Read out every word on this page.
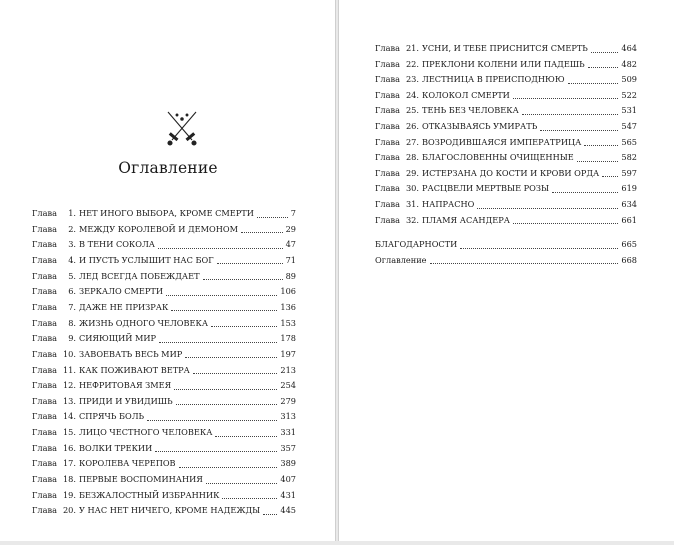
Оглавление
Глава	1. НЕТ ИНОГО ВЫБОРА, КРОМЕ СМЕРТИ	7
Глава	2. МЕЖДУ КОРОЛЕВОЙ И ДЕМОНОМ	29
Глава	3. В ТЕНИ СОКОЛА	47
Глава	4. И ПУСТЬ УСЛЫШИТ НАС БОГ	71
Глава	5. ЛЕД ВСЕГДА ПОБЕЖДАЕТ	89
Глава	6. ЗЕРКАЛО СМЕРТИ	106
Глава	7. ДАЖЕ НЕ ПРИЗРАК	136
Глава	8. ЖИЗНЬ ОДНОГО ЧЕЛОВЕКА	153
Глава	9. СИЯЮЩИЙ МИР	178
Глава 10. ЗАВОЕВАТЬ ВЕСЬ МИР	197
Глава 11. КАК ПОЖИВАЮТ ВЕТРА	213
Глава 12. НЕФРИТОВАЯ ЗМЕЯ	254
Глава 13. ПРИДИ И УВИДИШЬ	279
Глава 14. СПРЯЧЬ БОЛЬ	313
Глава 15. ЛИЦО ЧЕСТНОГО ЧЕЛОВЕКА	331
Глава 16. ВОЛКИ ТРЕКИИ	357
Глава 17. КОРОЛЕВА ЧЕРЕПОВ	389
Глава 18. ПЕРВЫЕ ВОСПОМИНАНИЯ	407
Глава 19. БЕЗЖАЛОСТНЫЙ ИЗБРАННИК	431
Глава 20. У НАС НЕТ НИЧЕГО, КРОМЕ НАДЕЖДЫ 445
Глава 21. УСНИ, И ТЕБЕ ПРИСНИТСЯ СМЕРТЬ	464
Глава 22. ПРЕКЛОНИ КОЛЕНИ ИЛИ ПАДЕШЬ	482
Глава 23. ЛЕСТНИЦА В ПРЕИСПОДНЮЮ	509
Глава 24. КОЛОКОЛ СМЕРТИ	522
Глава 25. ТЕНЬ БЕЗ ЧЕЛОВЕКА	531
Глава 26. ОТКАЗЫВАЯСЬ УМИРАТЬ	547
Глава 27. ВОЗРОДИВШАЯСЯ ИМПЕРАТРИЦА	565
Глава 28. БЛАГОСЛОВЕННЫ ОЧИЩЕННЫЕ	582
Глава 29. ИСТЕРЗАНА ДО КОСТИ И КРОВИ ОРДА	597
Глава 30. РАСЦВЕЛИ МЕРТВЫЕ РОЗЫ	619
Глава 31. НАПРАСНО	634
Глава 32. ПЛАМЯ АСАНДЕРА	661
БЛАГОДАРНОСТИ	665
Оглавление	668
